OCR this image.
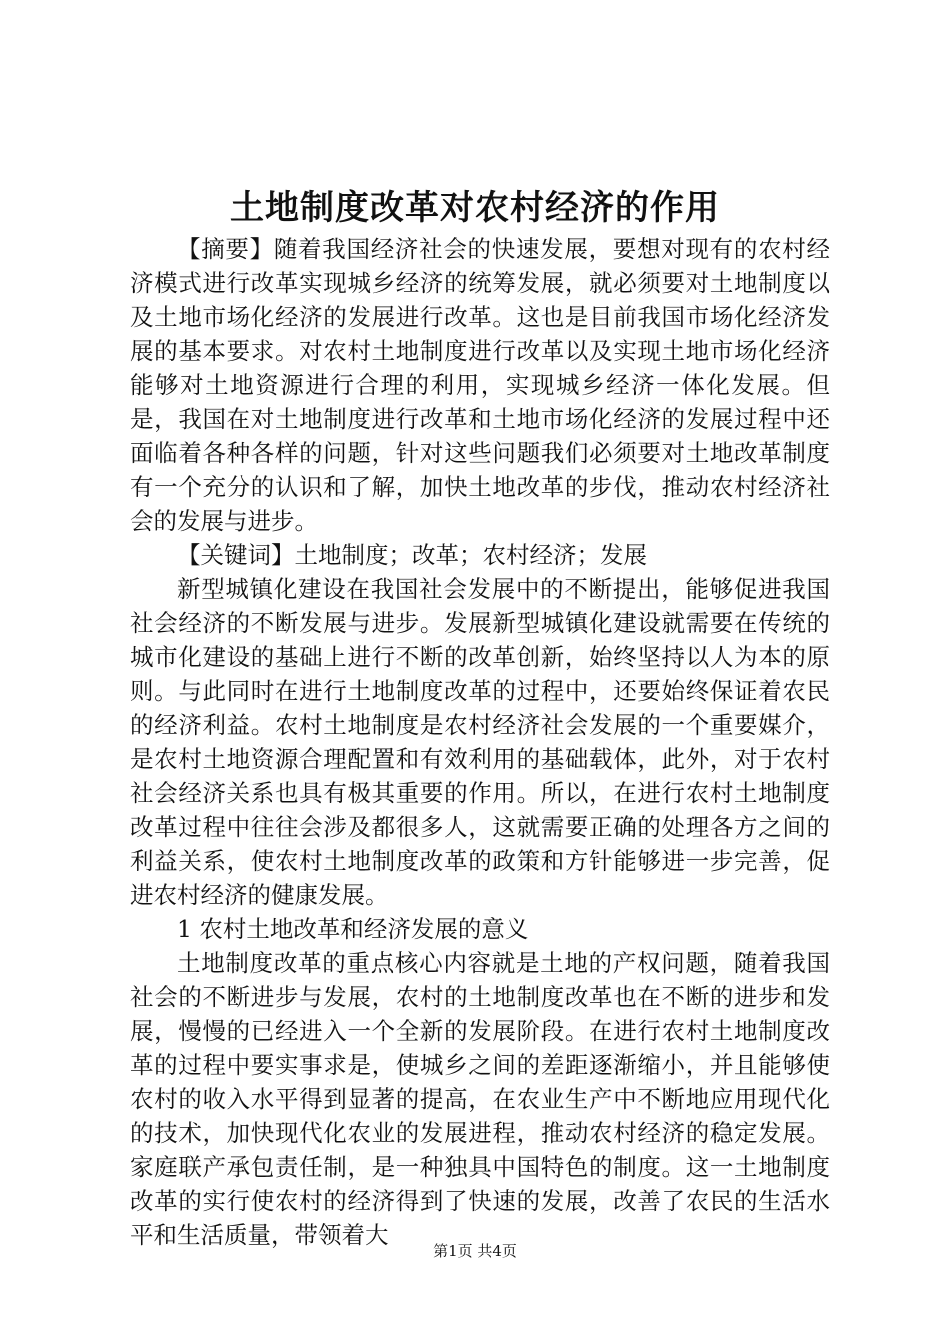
土地制度改革对农村经济的作用

【摘要】随着我国经济社会的快速发展，要想对现有的农村经济模式进行改革实现城乡经济的统筹发展，就必须要对土地制度以及土地市场化经济的发展进行改革。这也是目前我国市场化经济发展的基本要求。对农村土地制度进行改革以及实现土地市场化经济能够对土地资源进行合理的利用，实现城乡经济一体化发展。但是，我国在对土地制度进行改革和土地市场化经济的发展过程中还面临着各种各样的问题，针对这些问题我们必须要对土地改革制度有一个充分的认识和了解，加快土地改革的步伐，推动农村经济社会的发展与进步。

【关键词】土地制度；改革；农村经济；发展

新型城镇化建设在我国社会发展中的不断提出，能够促进我国社会经济的不断发展与进步。发展新型城镇化建设就需要在传统的城市化建设的基础上进行不断的改革创新，始终坚持以人为本的原则。与此同时在进行土地制度改革的过程中，还要始终保证着农民的经济利益。农村土地制度是农村经济社会发展的一个重要媒介，是农村土地资源合理配置和有效利用的基础载体，此外，对于农村社会经济关系也具有极其重要的作用。所以，在进行农村土地制度改革过程中往往会涉及都很多人，这就需要正确的处理各方之间的利益关系，使农村土地制度改革的政策和方针能够进一步完善，促进农村经济的健康发展。

1 农村土地改革和经济发展的意义

土地制度改革的重点核心内容就是土地的产权问题，随着我国社会的不断进步与发展，农村的土地制度改革也在不断的进步和发展，慢慢的已经进入一个全新的发展阶段。在进行农村土地制度改革的过程中要实事求是，使城乡之间的差距逐渐缩小，并且能够使农村的收入水平得到显著的提高，在农业生产中不断地应用现代化的技术，加快现代化农业的发展进程，推动农村经济的稳定发展。家庭联产承包责任制，是一种独具中国特色的制度。这一土地制度改革的实行使农村的经济得到了快速的发展，改善了农民的生活水平和生活质量，带领着大

第1页 共4页
